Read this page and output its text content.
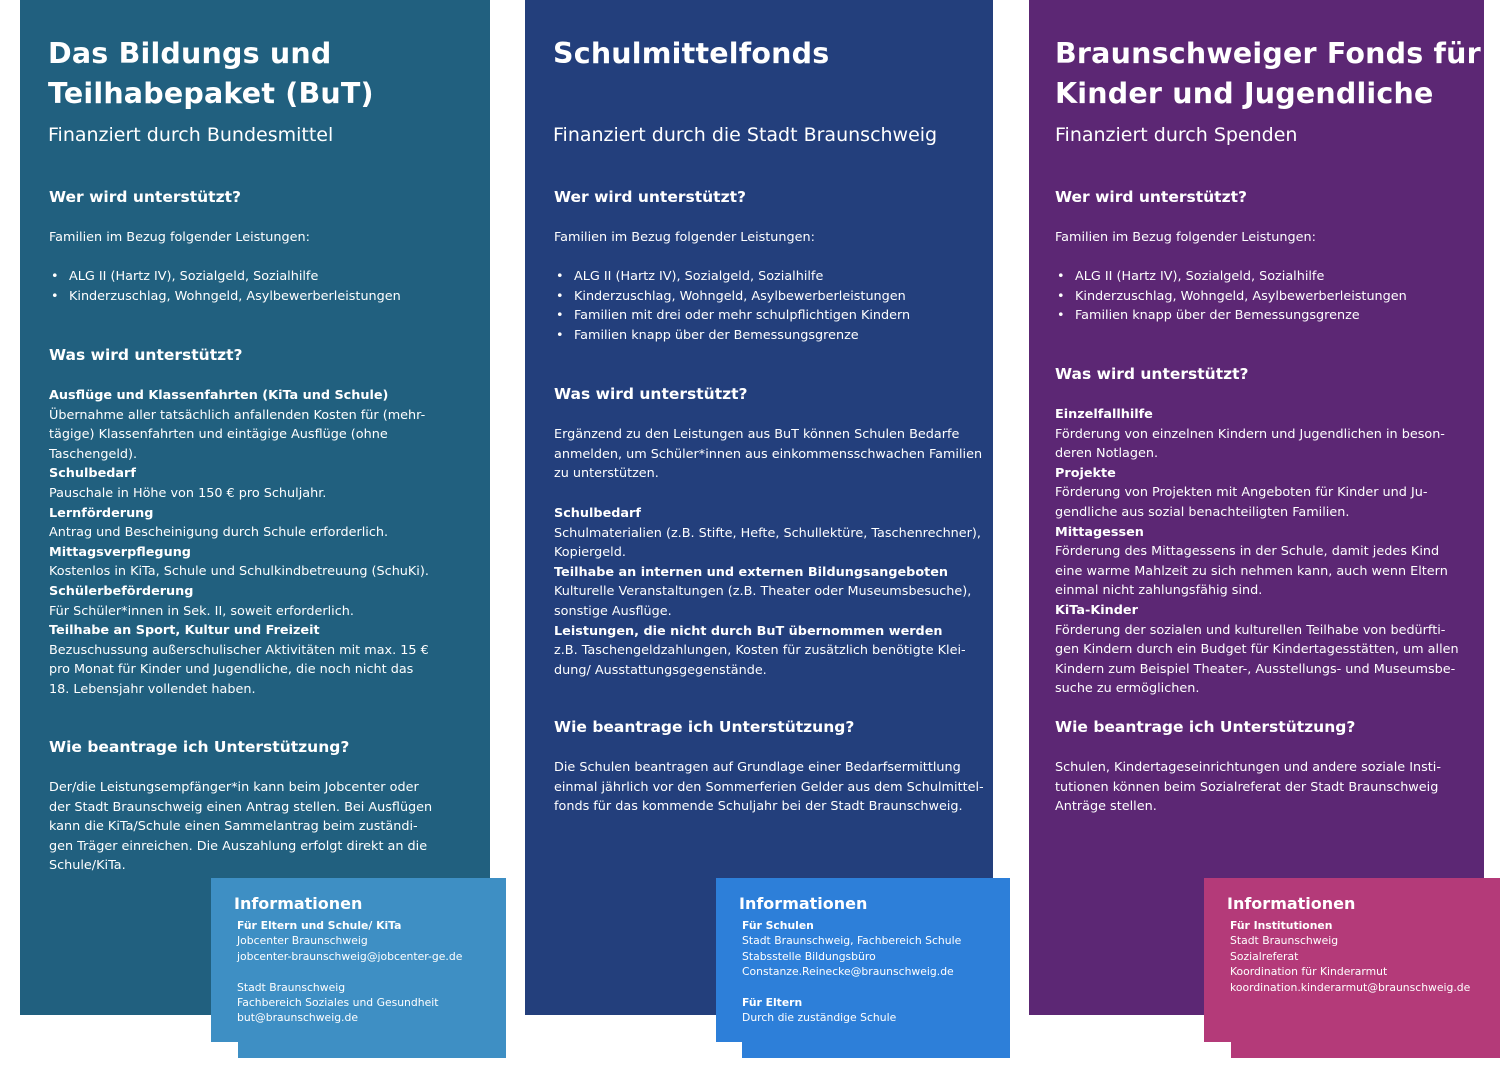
Das Bildungs und
Teilhabepaket (BuT)
Finanziert durch Bundesmittel
Wer wird unterstützt?
Familien im Bezug folgender Leistungen:
• ALG II (Hartz IV), Sozialgeld, Sozialhilfe
• Kinderzuschlag, Wohngeld, Asylbewerberleistungen
Was wird unterstützt?
Ausflüge und Klassenfahrten (KiTa und Schule)
Übernahme aller tatsächlich anfallenden Kosten für (mehr-
tägige) Klassenfahrten und eintägige Ausflüge (ohne
Taschengeld).
Schulbedarf
Pauschale in Höhe von 150 € pro Schuljahr.
Lernförderung
Antrag und Bescheinigung durch Schule erforderlich.
Mittagsverpflegung
Kostenlos in KiTa, Schule und Schulkindbetreuung (SchuKi).
Schülerbeförderung
Für Schüler*innen in Sek. II, soweit erforderlich.
Teilhabe an Sport, Kultur und Freizeit
Bezuschussung außerschulischer Aktivitäten mit max. 15 €
pro Monat für Kinder und Jugendliche, die noch nicht das
18. Lebensjahr vollendet haben.
Wie beantrage ich Unterstützung?
Der/die Leistungsempfänger*in kann beim Jobcenter oder
der Stadt Braunschweig einen Antrag stellen. Bei Ausflügen
kann die KiTa/Schule einen Sammelantrag beim zuständi-
gen Träger einreichen. Die Auszahlung erfolgt direkt an die
Schule/KiTa.
Informationen
Für Eltern und Schule/ KiTa
Jobcenter Braunschweig
jobcenter-braunschweig@jobcenter-ge.de
Stadt Braunschweig
Fachbereich Soziales und Gesundheit
but@braunschweig.de
Schulmittelfonds
Finanziert durch die Stadt Braunschweig
Wer wird unterstützt?
Familien im Bezug folgender Leistungen:
• ALG II (Hartz IV), Sozialgeld, Sozialhilfe
• Kinderzuschlag, Wohngeld, Asylbewerberleistungen
• Familien mit drei oder mehr schulpflichtigen Kindern
• Familien knapp über der Bemessungsgrenze
Was wird unterstützt?
Ergänzend zu den Leistungen aus BuT können Schulen Bedarfe
anmelden, um Schüler*innen aus einkommensschwachen Familien
zu unterstützen.
Schulbedarf
Schulmaterialien (z.B. Stifte, Hefte, Schullektüre, Taschenrechner),
Kopiergeld.
Teilhabe an internen und externen Bildungsangeboten
Kulturelle Veranstaltungen (z.B. Theater oder Museumsbesuche),
sonstige Ausflüge.
Leistungen, die nicht durch BuT übernommen werden
z.B. Taschengeldzahlungen, Kosten für zusätzlich benötigte Klei-
dung/ Ausstattungsgegenstände.
Wie beantrage ich Unterstützung?
Die Schulen beantragen auf Grundlage einer Bedarfsermittlung
einmal jährlich vor den Sommerferien Gelder aus dem Schulmittel-
fonds für das kommende Schuljahr bei der Stadt Braunschweig.
Informationen
Für Schulen
Stadt Braunschweig, Fachbereich Schule
Stabsstelle Bildungsbüro
Constanze.Reinecke@braunschweig.de
Für Eltern
Durch die zuständige Schule
Braunschweiger Fonds für
Kinder und Jugendliche
Finanziert durch Spenden
Wer wird unterstützt?
Familien im Bezug folgender Leistungen:
• ALG II (Hartz IV), Sozialgeld, Sozialhilfe
• Kinderzuschlag, Wohngeld, Asylbewerberleistungen
• Familien knapp über der Bemessungsgrenze
Was wird unterstützt?
Einzelfallhilfe
Förderung von einzelnen Kindern und Jugendlichen in beson-
deren Notlagen.
Projekte
Förderung von Projekten mit Angeboten für Kinder und Ju-
gendliche aus sozial benachteiligten Familien.
Mittagessen
Förderung des Mittagessens in der Schule, damit jedes Kind
eine warme Mahlzeit zu sich nehmen kann, auch wenn Eltern
einmal nicht zahlungsfähig sind.
KiTa-Kinder
Förderung der sozialen und kulturellen Teilhabe von bedürfti-
gen Kindern durch ein Budget für Kindertagesstätten, um allen
Kindern zum Beispiel Theater-, Ausstellungs- und Museumsbe-
suche zu ermöglichen.
Wie beantrage ich Unterstützung?
Schulen, Kindertageseinrichtungen und andere soziale Insti-
tutionen können beim Sozialreferat der Stadt Braunschweig
Anträge stellen.
Informationen
Für Institutionen
Stadt Braunschweig
Sozialreferat
Koordination für Kinderarmut
koordination.kinderarmut@braunschweig.de
